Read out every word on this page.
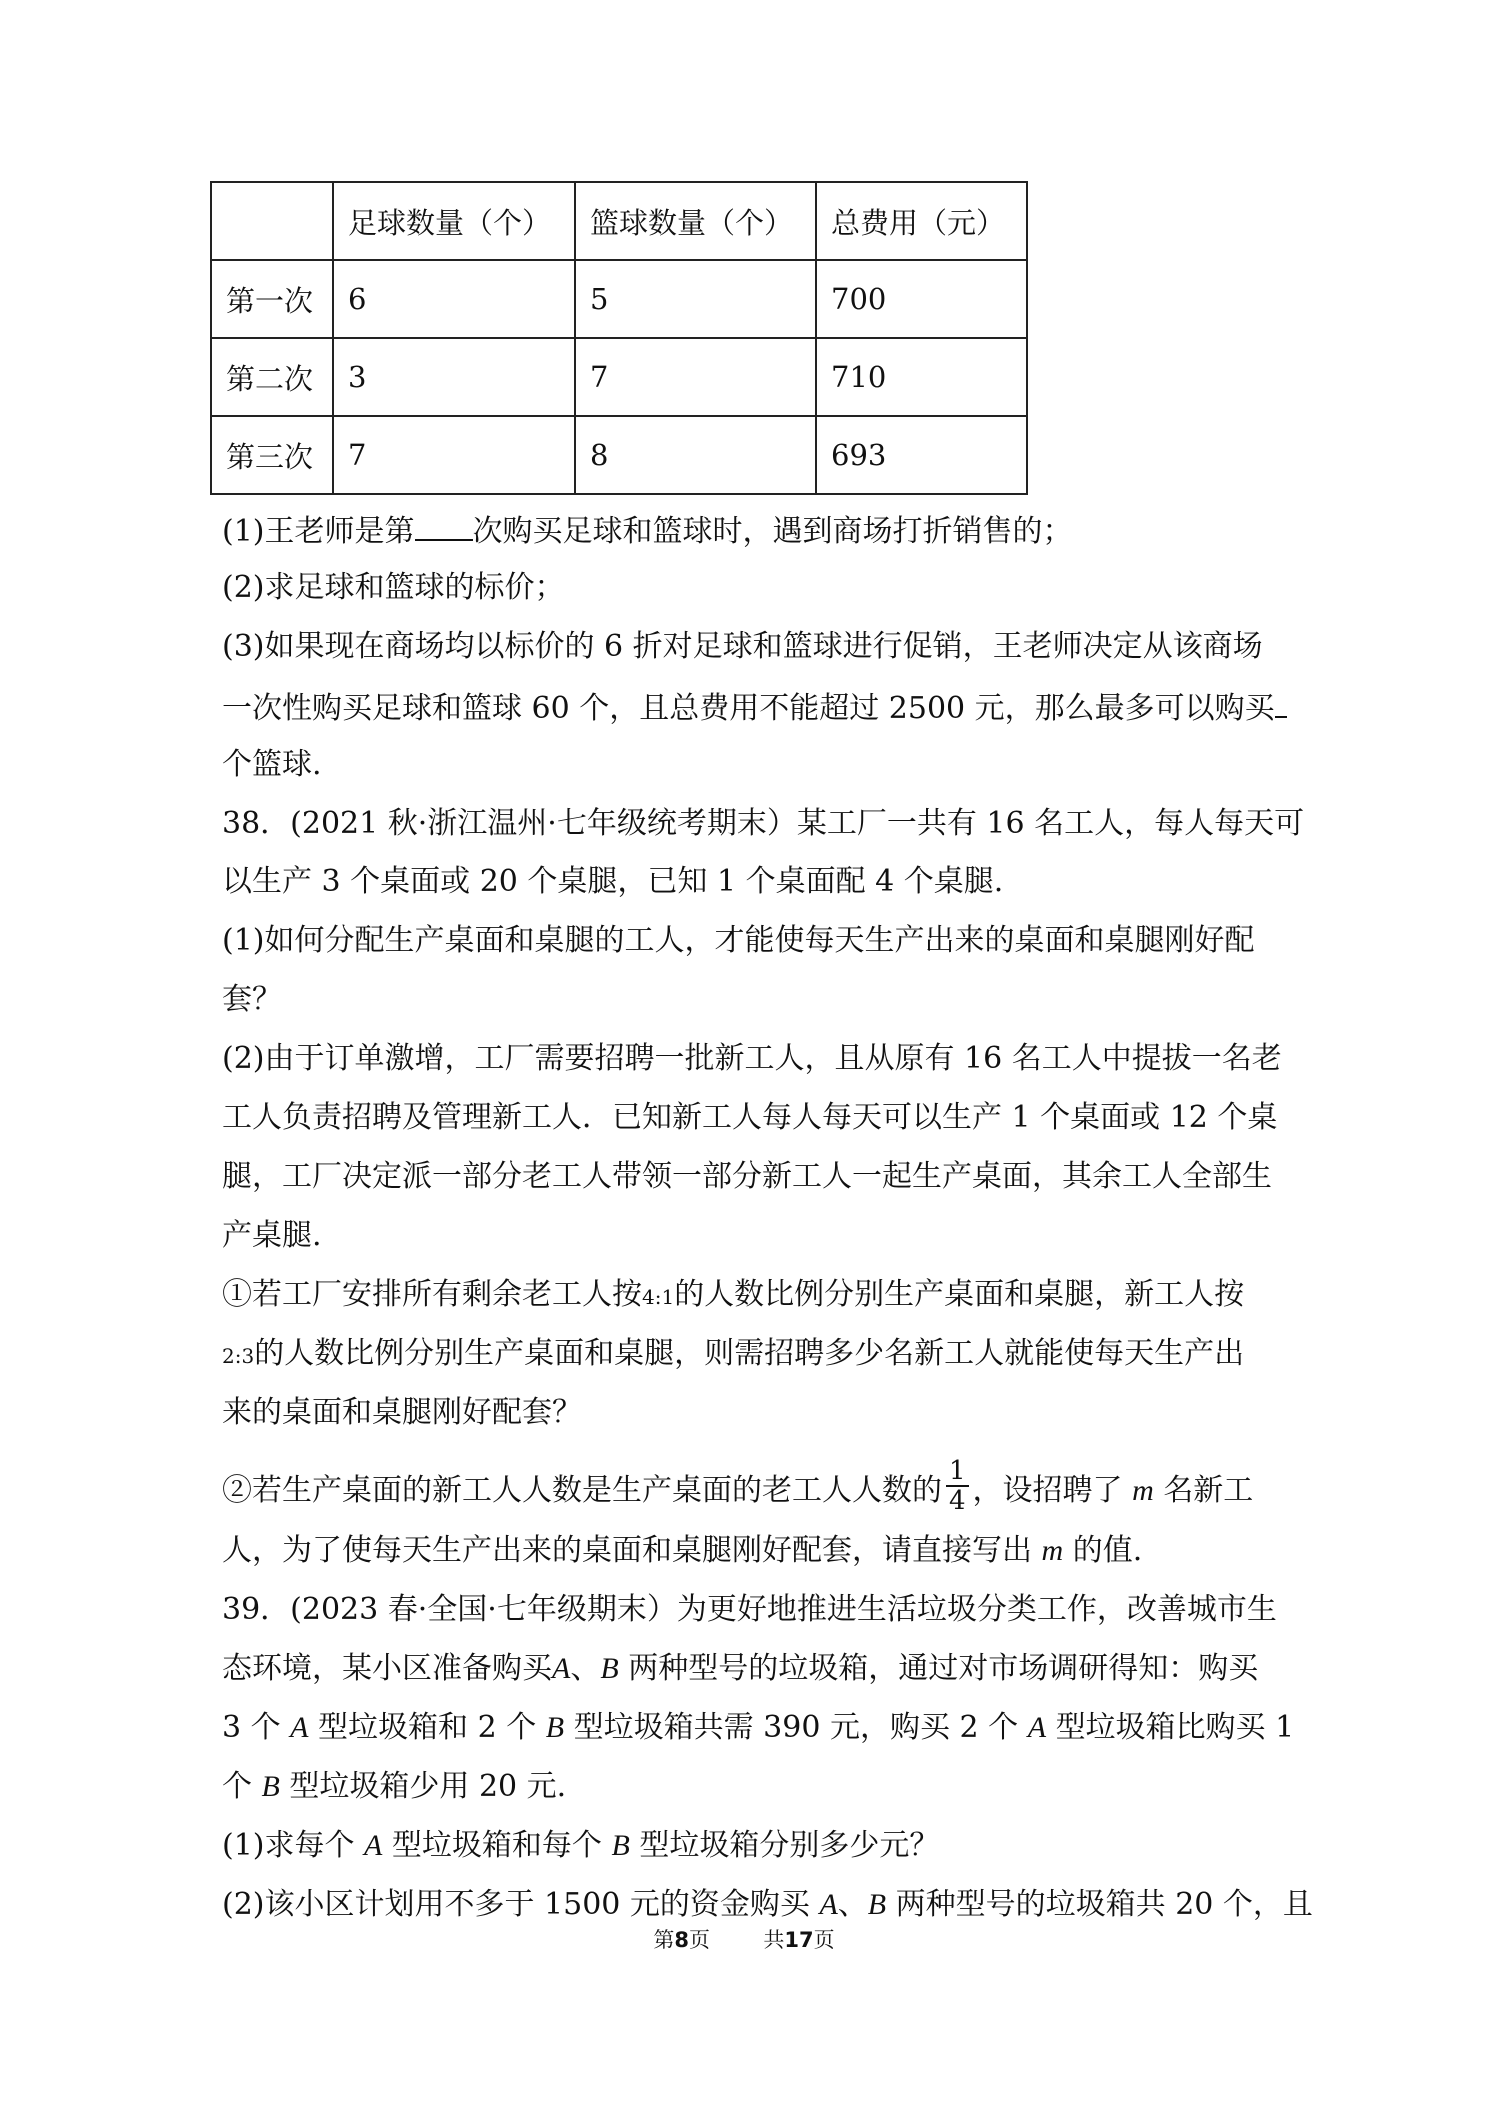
	足球数量（个）	篮球数量（个）	总费用（元）
第一次	6	5	700
第二次	3	7	710
第三次	7	8	693
(1)王老师是第 次购买足球和篮球时，遇到商场打折销售的；
(2)求足球和篮球的标价；
(3)如果现在商场均以标价的 6 折对足球和篮球进行促销，王老师决定从该商场
一次性购买足球和篮球 60 个，且总费用不能超过 2500 元，那么最多可以购买
个篮球.
38．(2021 秋·浙江温州·七年级统考期末）某工厂一共有 16 名工人，每人每天可
以生产 3 个桌面或 20 个桌腿，已知 1 个桌面配 4 个桌腿.
(1)如何分配生产桌面和桌腿的工人，才能使每天生产出来的桌面和桌腿刚好配
套？
(2)由于订单激增，工厂需要招聘一批新工人，且从原有 16 名工人中提拔一名老
工人负责招聘及管理新工人．已知新工人每人每天可以生产 1 个桌面或 12 个桌
腿，工厂决定派一部分老工人带领一部分新工人一起生产桌面，其余工人全部生
产桌腿.
①若工厂安排所有剩余老工人按4:1的人数比例分别生产桌面和桌腿，新工人按
2:3的人数比例分别生产桌面和桌腿，则需招聘多少名新工人就能使每天生产出
来的桌面和桌腿刚好配套？
②若生产桌面的新工人人数是生产桌面的老工人人数的 $\frac{1}{4}$ ，设招聘了 m 名新工
人，为了使每天生产出来的桌面和桌腿刚好配套，请直接写出 m 的值.
39．(2023 春·全国·七年级期末）为更好地推进生活垃圾分类工作，改善城市生
态环境，某小区准备购买A、B 两种型号的垃圾箱，通过对市场调研得知：购买
3 个 A 型垃圾箱和 2 个 B 型垃圾箱共需 390 元，购买 2 个 A 型垃圾箱比购买 1
个 B 型垃圾箱少用 20 元.
(1)求每个 A 型垃圾箱和每个 B 型垃圾箱分别多少元？
(2)该小区计划用不多于 1500 元的资金购买 A、B 两种型号的垃圾箱共 20 个，且
第8页	共17页
